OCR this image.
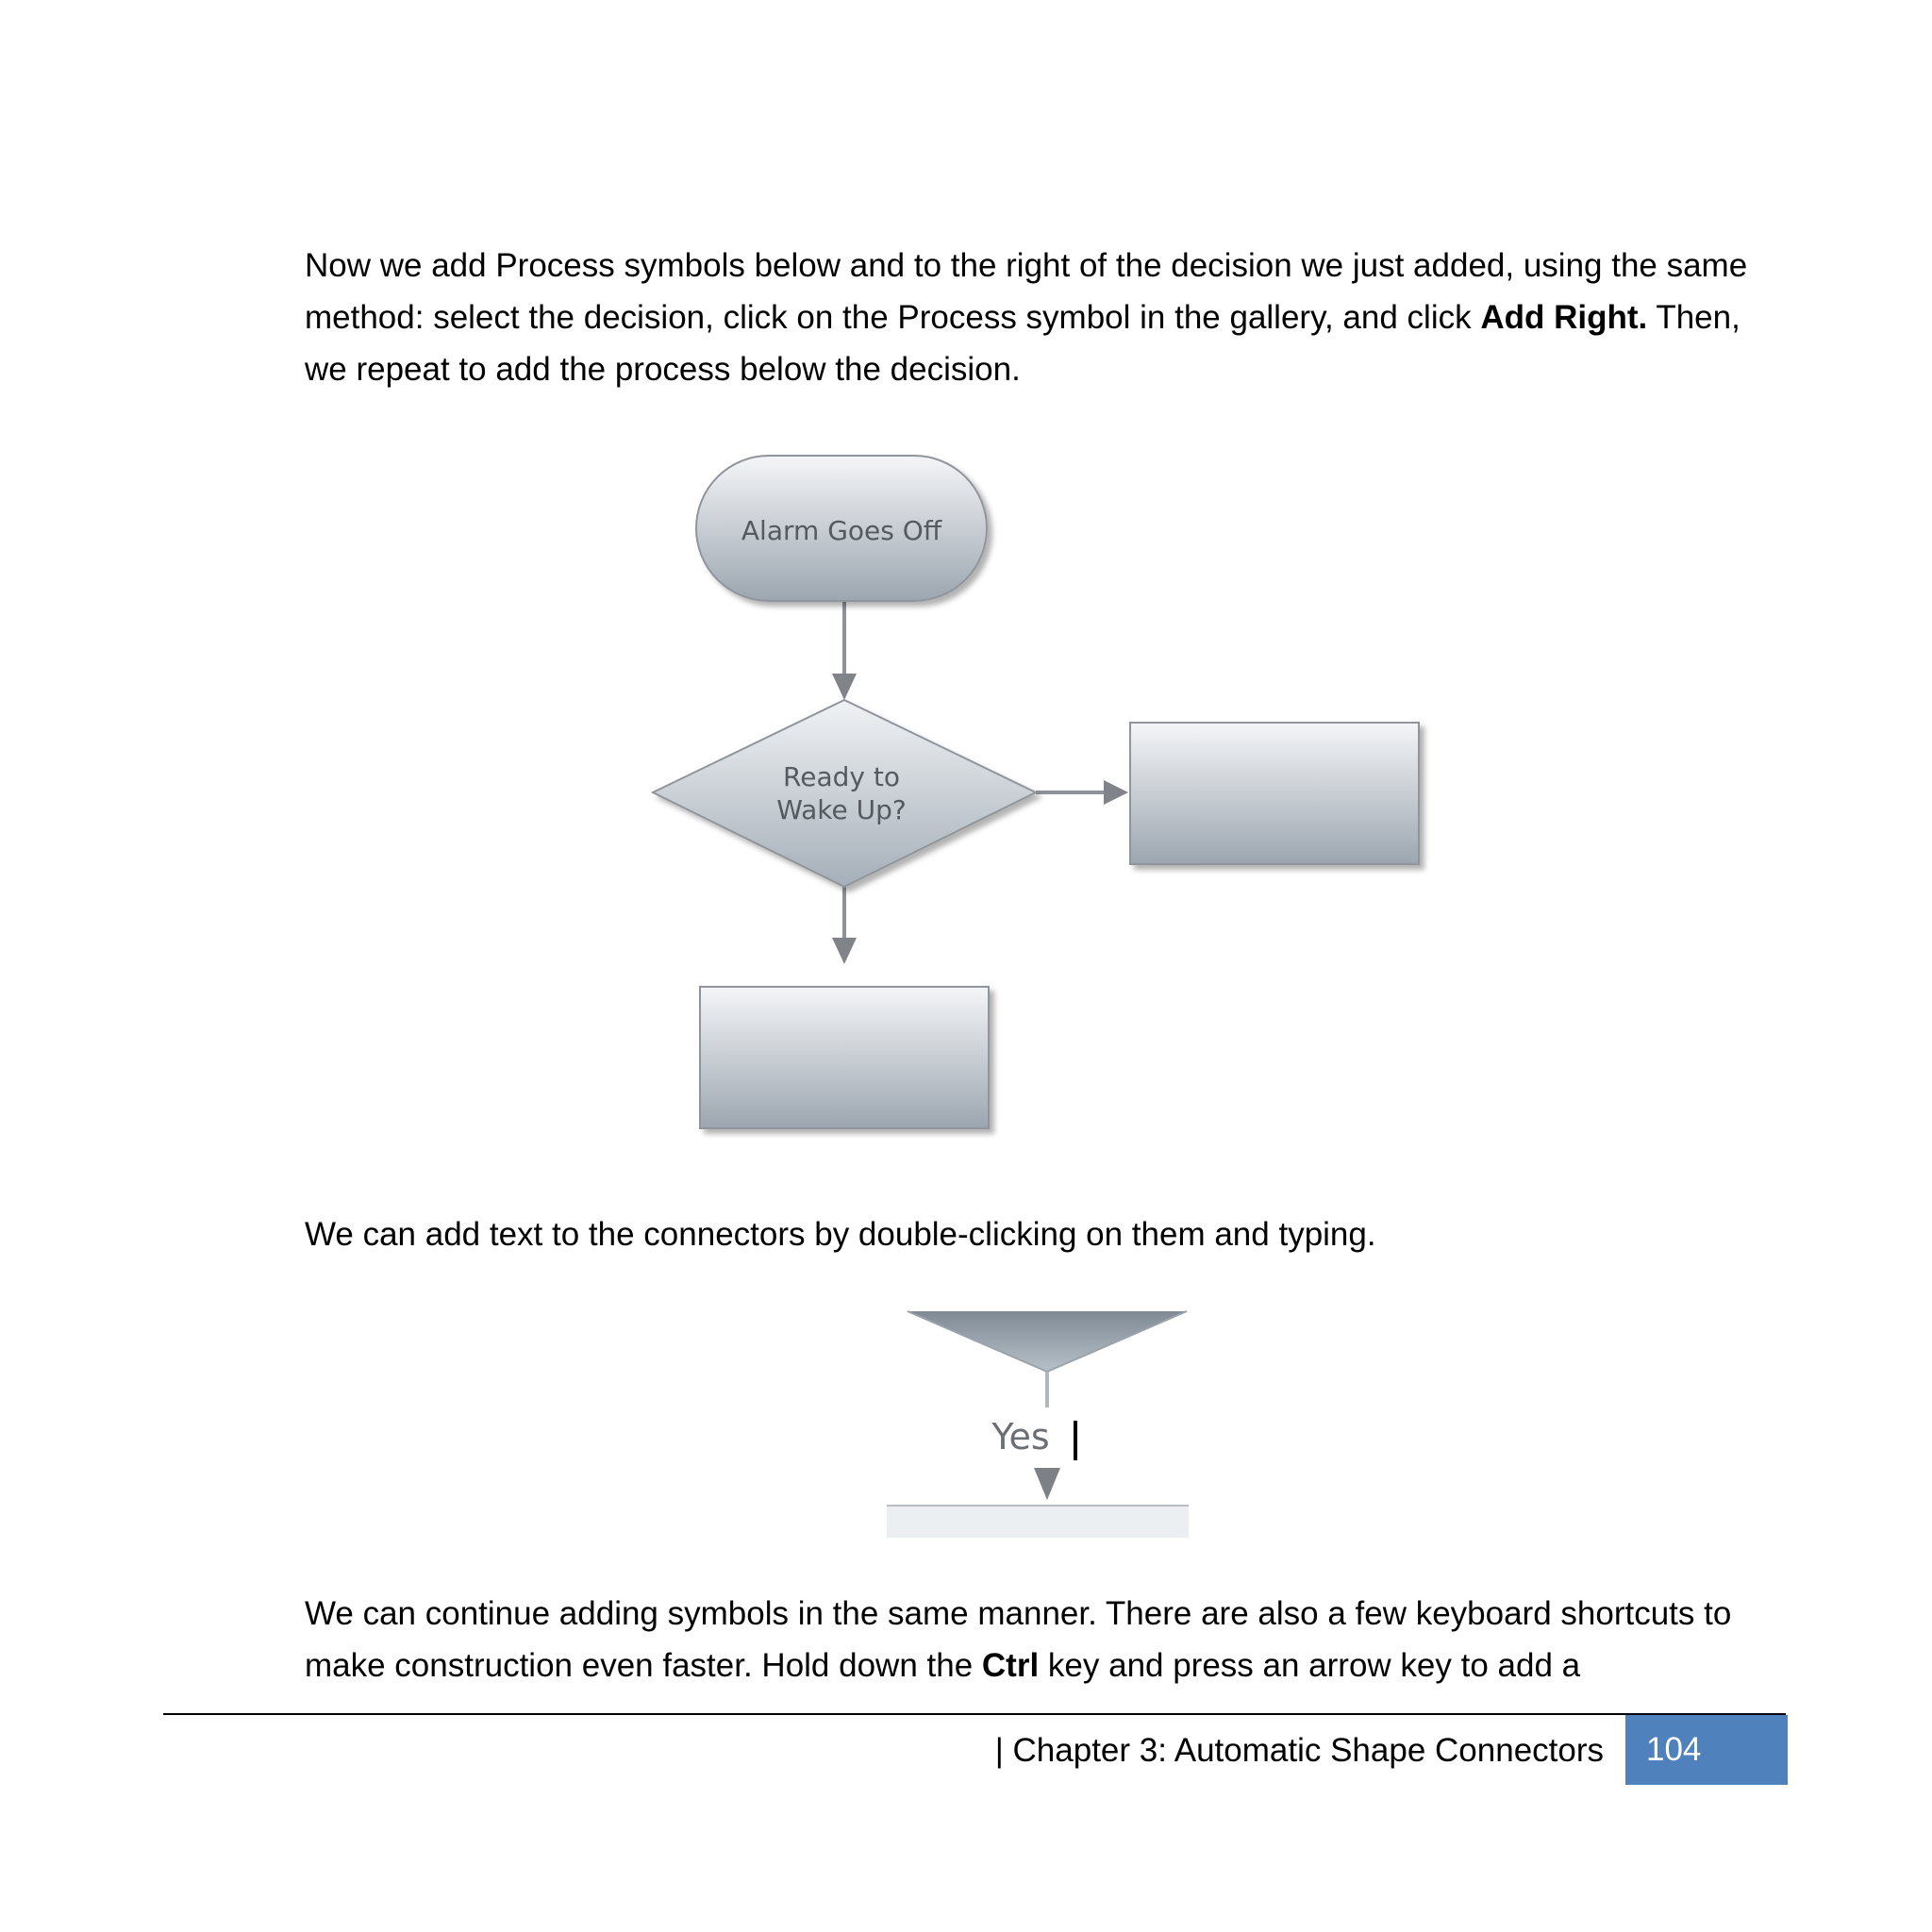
Now we add Process symbols below and to the right of the decision we just added, using the same method: select the decision, click on the Process symbol in the gallery, and click Add Right. Then, we repeat to add the process below the decision.

Alarm Goes Off
Ready to
Wake Up?

We can add text to the connectors by double-clicking on them and typing.

Yes

We can continue adding symbols in the same manner. There are also a few keyboard shortcuts to make construction even faster. Hold down the Ctrl key and press an arrow key to add a

| Chapter 3: Automatic Shape Connectors	104
